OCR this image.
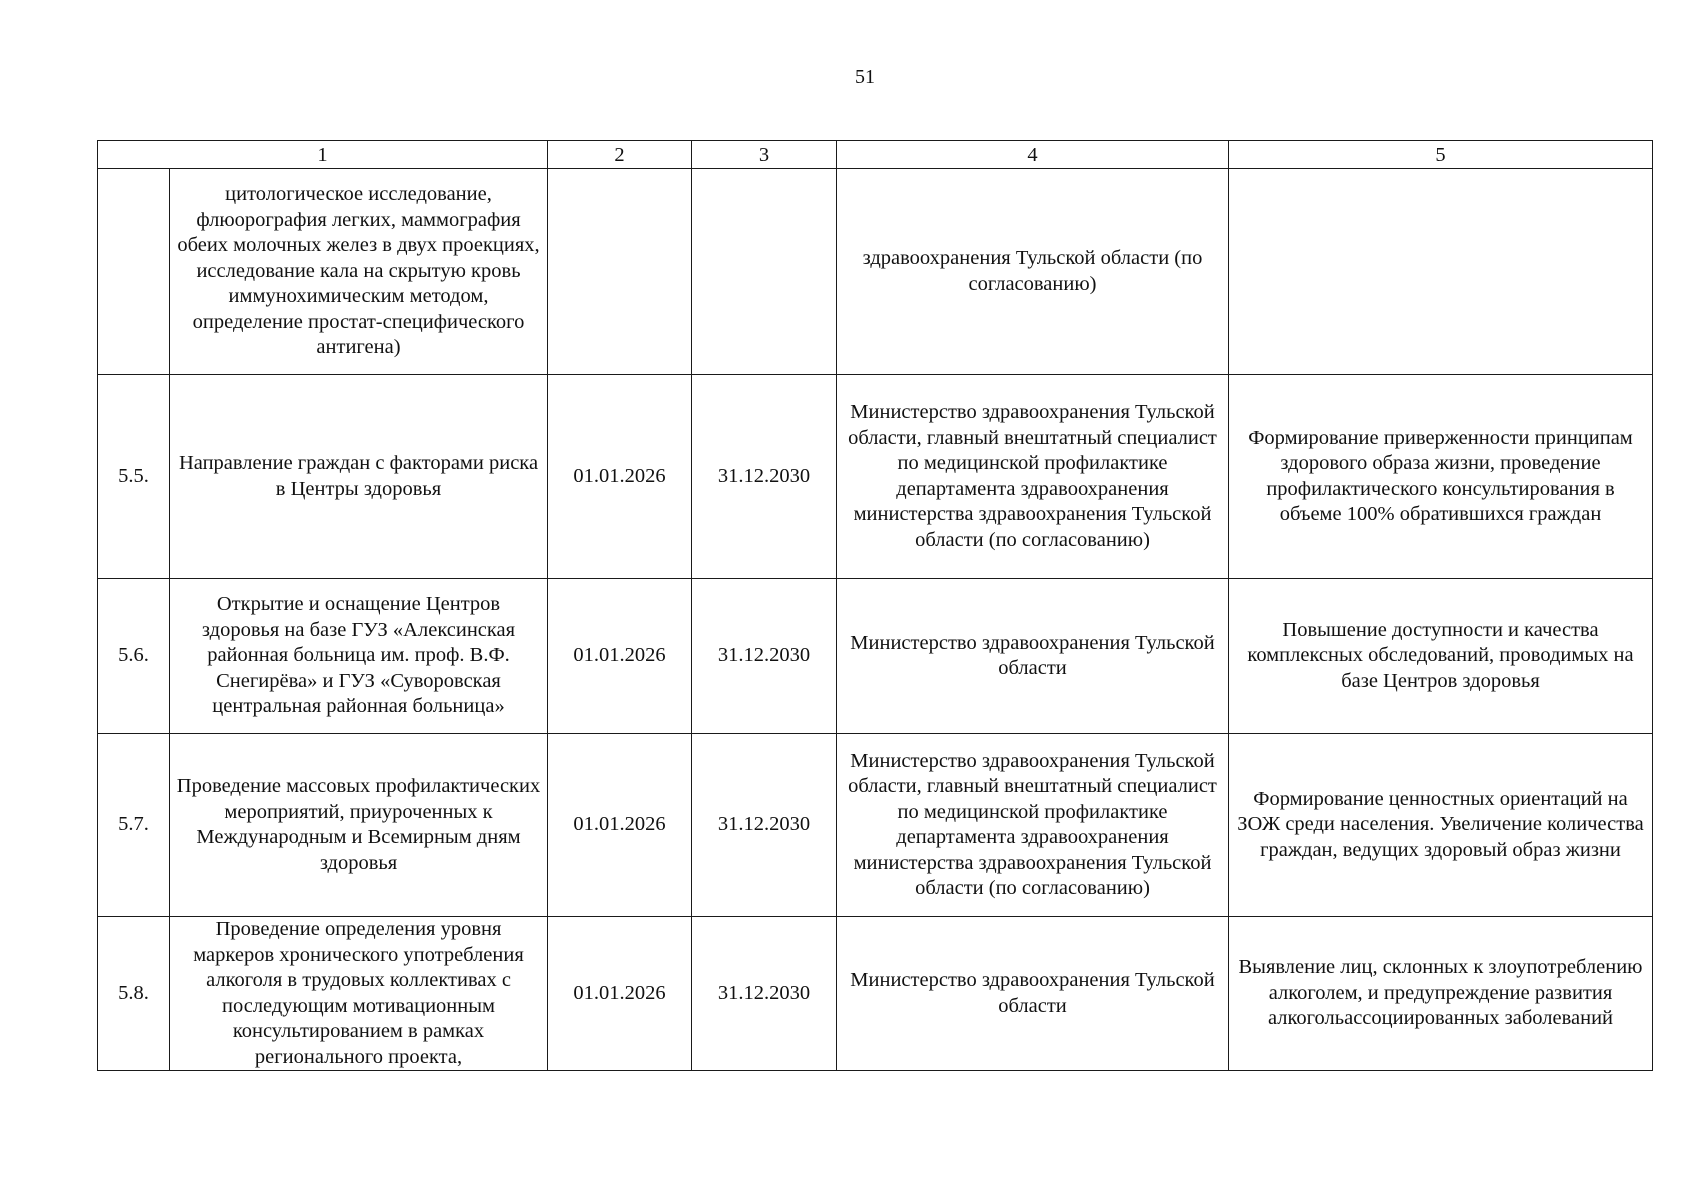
51
1		2	3	4	5
	цитологическое исследование, флюорография легких, маммография обеих молочных желез в двух проекциях, исследование кала на скрытую кровь иммунохимическим методом, определение простат-специфического антигена)			здравоохранения Тульской области (по согласованию)	
5.5.	Направление граждан с факторами риска в Центры здоровья	01.01.2026	31.12.2030	Министерство здравоохранения Тульской области, главный внештатный специалист по медицинской профилактике департамента здравоохранения министерства здравоохранения Тульской области (по согласованию)	Формирование приверженности принципам здорового образа жизни, проведение профилактического консультирования в объеме 100% обратившихся граждан
5.6.	Открытие и оснащение Центров здоровья на базе ГУЗ «Алексинская районная больница им. проф. В.Ф. Снегирёва» и ГУЗ «Суворовская центральная районная больница»	01.01.2026	31.12.2030	Министерство здравоохранения Тульской области	Повышение доступности и качества комплексных обследований, проводимых на базе Центров здоровья
5.7.	Проведение массовых профилактических мероприятий, приуроченных к Международным и Всемирным дням здоровья	01.01.2026	31.12.2030	Министерство здравоохранения Тульской области, главный внештатный специалист по медицинской профилактике департамента здравоохранения министерства здравоохранения Тульской области (по согласованию)	Формирование ценностных ориентаций на ЗОЖ среди населения. Увеличение количества граждан, ведущих здоровый образ жизни
5.8.	Проведение определения уровня маркеров хронического употребления алкоголя в трудовых коллективах с последующим мотивационным консультированием в рамках регионального проекта,	01.01.2026	31.12.2030	Министерство здравоохранения Тульской области	Выявление лиц, склонных к злоупотреблению алкоголем, и предупреждение развития алкогольассоциированных заболеваний
